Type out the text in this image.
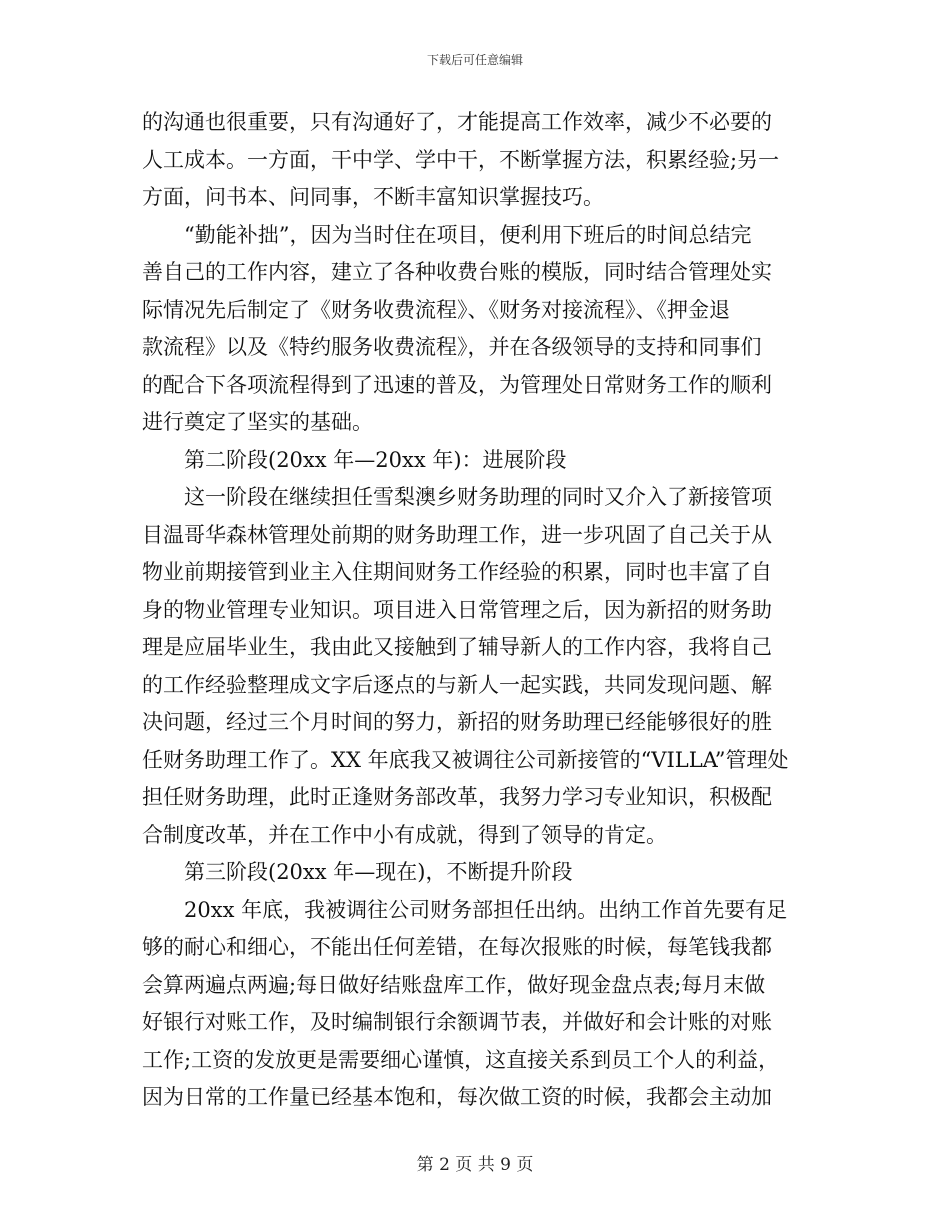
下载后可任意编辑
的沟通也很重要，只有沟通好了，才能提高工作效率，减少不必要的
人工成本。一方面，干中学、学中干，不断掌握方法，积累经验;另一
方面，问书本、问同事，不断丰富知识掌握技巧。
“勤能补拙”，因为当时住在项目，便利用下班后的时间总结完
善自己的工作内容，建立了各种收费台账的模版，同时结合管理处实
际情况先后制定了《财务收费流程》、《财务对接流程》、《押金退
款流程》以及《特约服务收费流程》，并在各级领导的支持和同事们
的配合下各项流程得到了迅速的普及，为管理处日常财务工作的顺利
进行奠定了坚实的基础。
第二阶段(20xx 年—20xx 年)：进展阶段
这一阶段在继续担任雪梨澳乡财务助理的同时又介入了新接管项
目温哥华森林管理处前期的财务助理工作，进一步巩固了自己关于从
物业前期接管到业主入住期间财务工作经验的积累，同时也丰富了自
身的物业管理专业知识。项目进入日常管理之后，因为新招的财务助
理是应届毕业生，我由此又接触到了辅导新人的工作内容，我将自己
的工作经验整理成文字后逐点的与新人一起实践，共同发现问题、解
决问题，经过三个月时间的努力，新招的财务助理已经能够很好的胜
任财务助理工作了。XX 年底我又被调往公司新接管的“VILLA”管理处
担任财务助理，此时正逢财务部改革，我努力学习专业知识，积极配
合制度改革，并在工作中小有成就，得到了领导的肯定。
第三阶段(20xx 年—现在)，不断提升阶段
20xx 年底，我被调往公司财务部担任出纳。出纳工作首先要有足
够的耐心和细心，不能出任何差错，在每次报账的时候，每笔钱我都
会算两遍点两遍;每日做好结账盘库工作，做好现金盘点表;每月末做
好银行对账工作，及时编制银行余额调节表，并做好和会计账的对账
工作;工资的发放更是需要细心谨慎，这直接关系到员工个人的利益，
因为日常的工作量已经基本饱和，每次做工资的时候，我都会主动加
第 2 页 共 9 页
